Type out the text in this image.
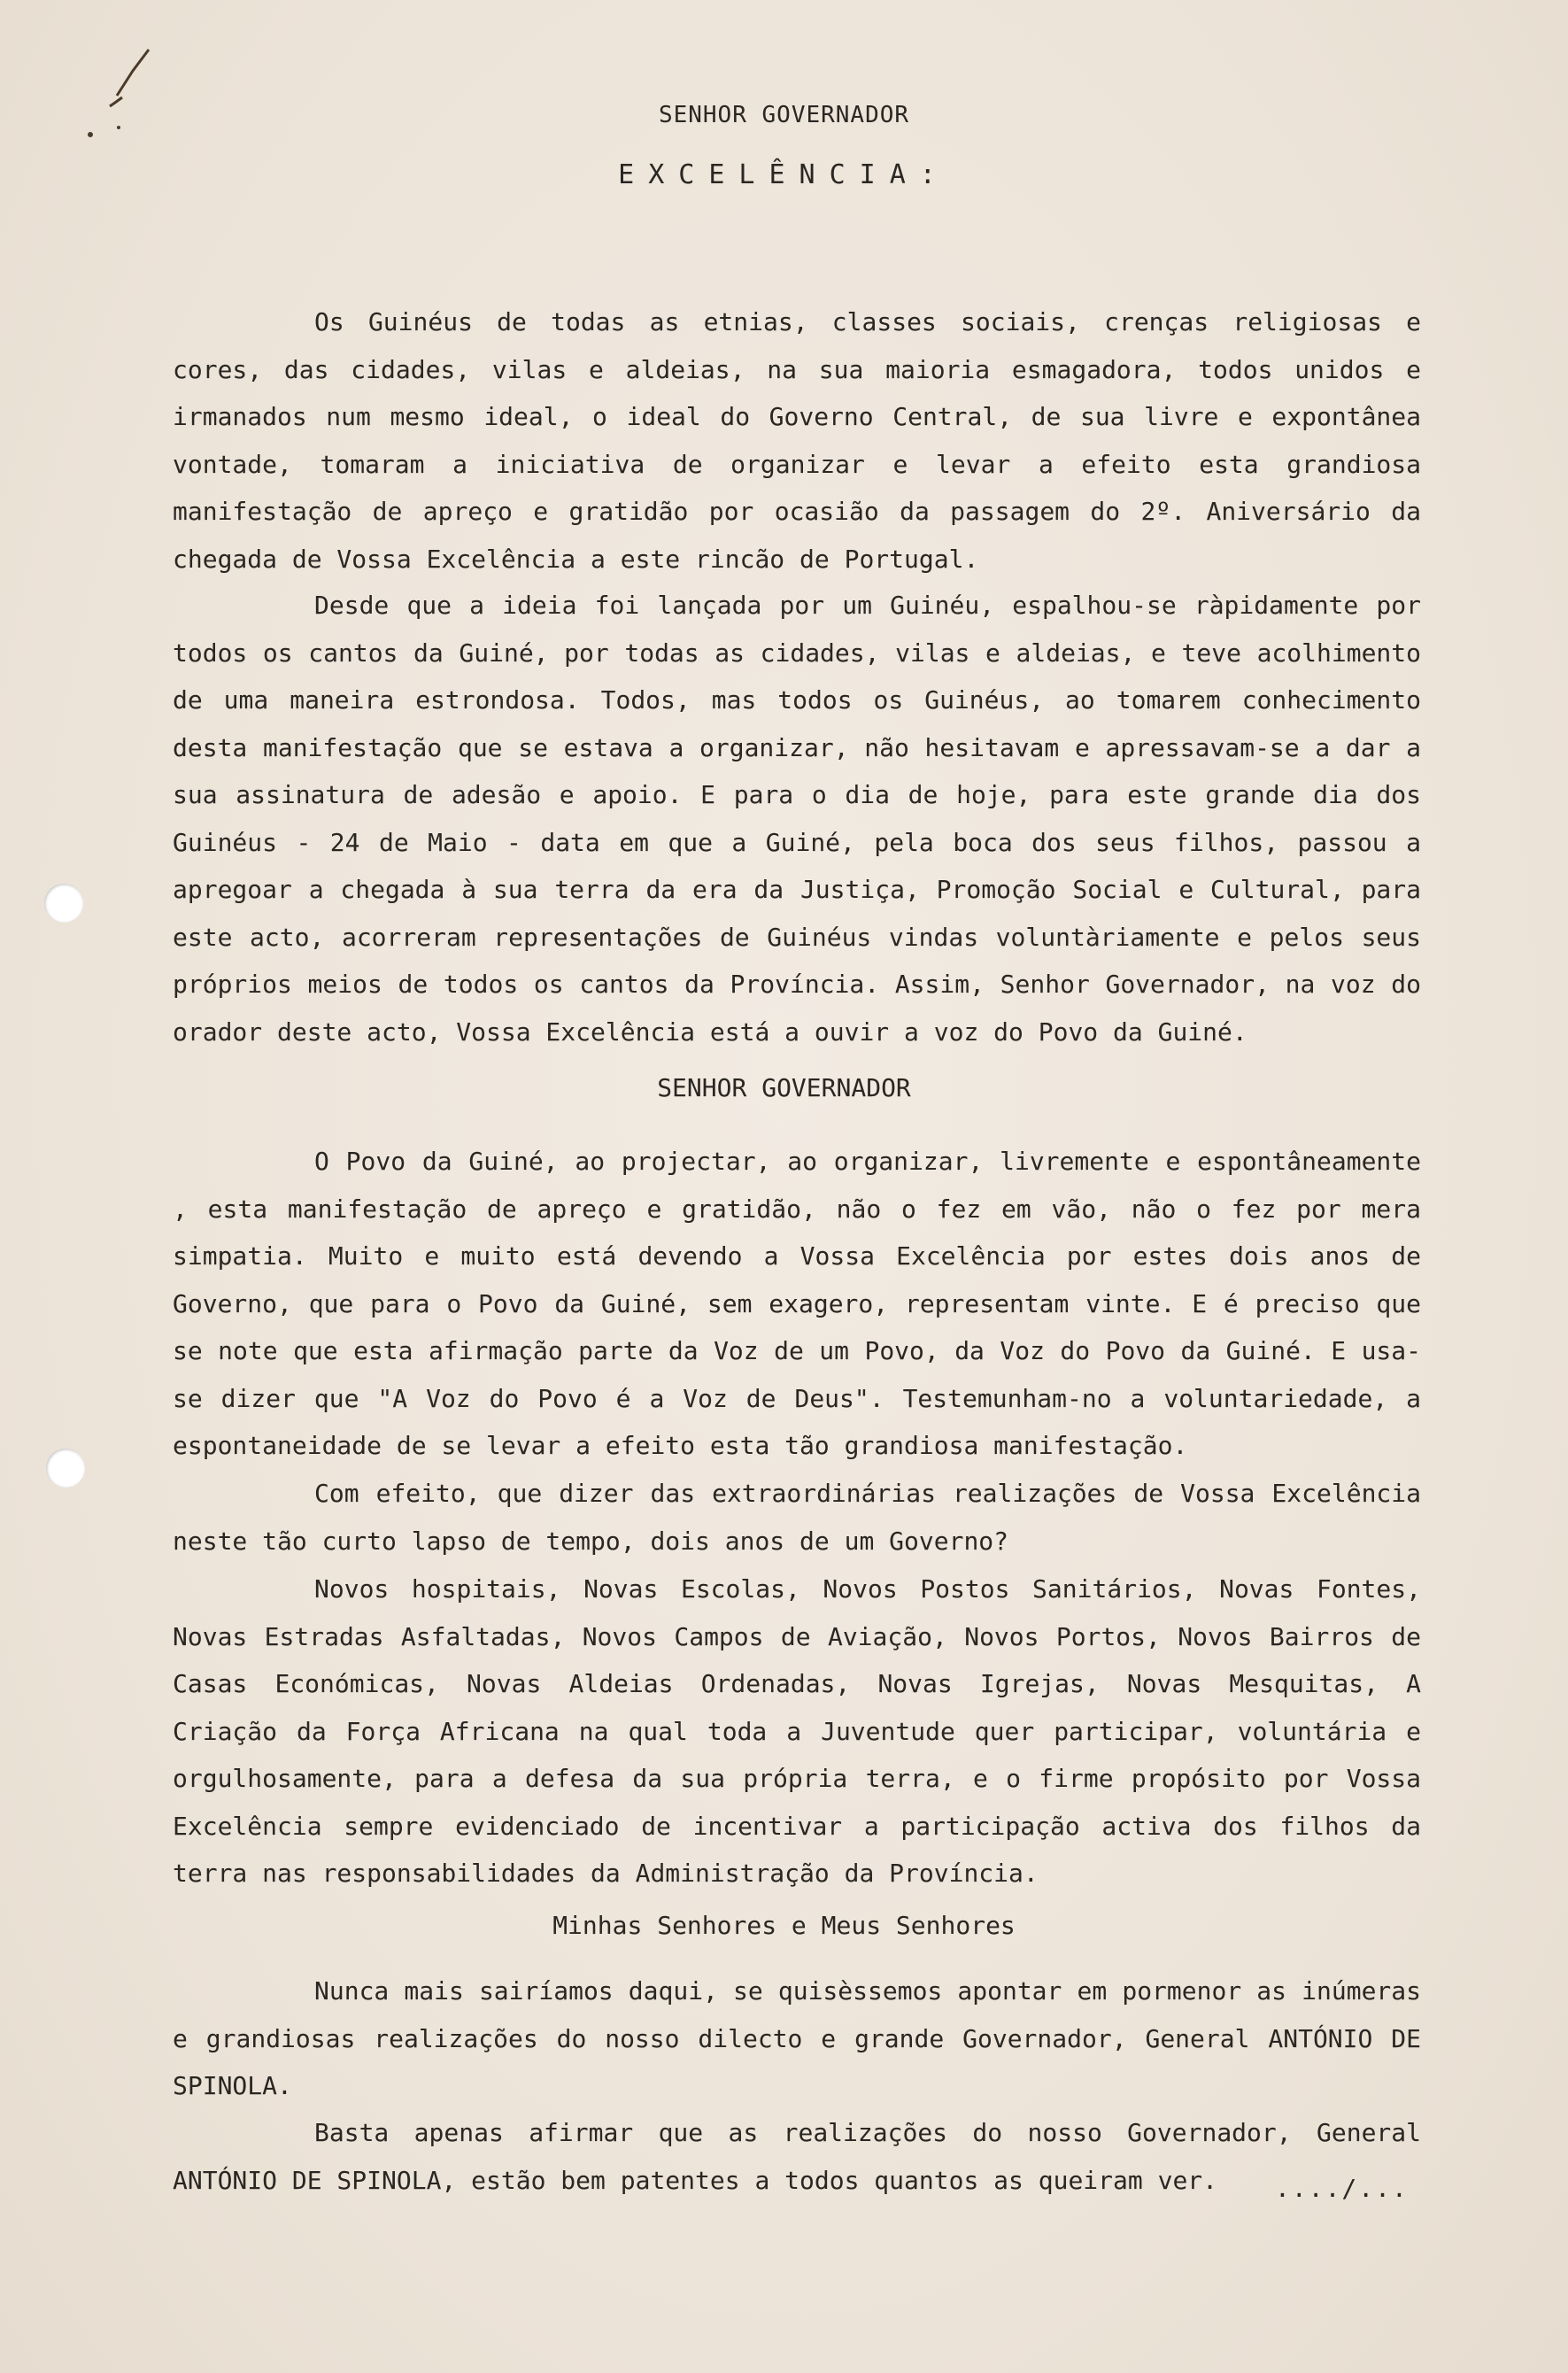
SENHOR GOVERNADOR
EXCELÊNCIA:

Os Guinéus de todas as etnias, classes sociais, crenças religiosas e cores, das cidades, vilas e aldeias, na sua maioria esmagadora, todos unidos e irmanados num mesmo ideal, o ideal do Governo Central, de sua livre e expontânea vontade, tomaram a iniciativa de organizar e levar a efeito esta grandiosa manifestação de apreço e gratidão por ocasião da passagem do 2º. Aniversário da chegada de Vossa Excelência a este rincão de Portugal.

Desde que a ideia foi lançada por um Guinéu, espalhou-se ràpidamente por todos os cantos da Guiné, por todas as cidades, vilas e aldeias, e teve acolhimento de uma maneira estrondosa. Todos, mas todos os Guinéus, ao tomarem conhecimento desta manifestação que se estava a organizar, não hesitavam e apressavam-se a dar a sua assinatura de adesão e apoio. E para o dia de hoje, para este grande dia dos Guinéus - 24 de Maio - data em que a Guiné, pela boca dos seus filhos, passou a apregoar a chegada à sua terra da era da Justiça, Promoção Social e Cultural, para este acto, acorreram representações de Guinéus vindas voluntàriamente e pelos seus próprios meios de todos os cantos da Província. Assim, Senhor Governador, na voz do orador deste acto, Vossa Excelência está a ouvir a voz do Povo da Guiné.

SENHOR GOVERNADOR

O Povo da Guiné, ao projectar, ao organizar, livremente e espontâneamente , esta manifestação de apreço e gratidão, não o fez em vão, não o fez por mera simpatia. Muito e muito está devendo a Vossa Excelência por estes dois anos de Governo, que para o Povo da Guiné, sem exagero, representam vinte. E é preciso que se note que esta afirmação parte da Voz de um Povo, da Voz do Povo da Guiné. E usa-se dizer que "A Voz do Povo é a Voz de Deus". Testemunham-no a voluntariedade, a espontaneidade de se levar a efeito esta tão grandiosa manifestação.

Com efeito, que dizer das extraordinárias realizações de Vossa Excelência neste tão curto lapso de tempo, dois anos de um Governo?

Novos hospitais, Novas Escolas, Novos Postos Sanitários, Novas Fontes, Novas Estradas Asfaltadas, Novos Campos de Aviação, Novos Portos, Novos Bairros de Casas Económicas, Novas Aldeias Ordenadas, Novas Igrejas, Novas Mesquitas, A Criação da Força Africana na qual toda a Juventude quer participar, voluntária e orgulhosamente, para a defesa da sua própria terra, e o firme propósito por Vossa Excelência sempre evidenciado de incentivar a participação activa dos filhos da terra nas responsabilidades da Administração da Província.

Minhas Senhores e Meus Senhores

Nunca mais sairíamos daqui, se quisèssemos apontar em pormenor as inúmeras e grandiosas realizações do nosso dilecto e grande Governador, General ANTÓNIO DE SPINOLA.

Basta apenas afirmar que as realizações do nosso Governador, General ANTÓNIO DE SPINOLA, estão bem patentes a todos quantos as queiram ver.	..../...
